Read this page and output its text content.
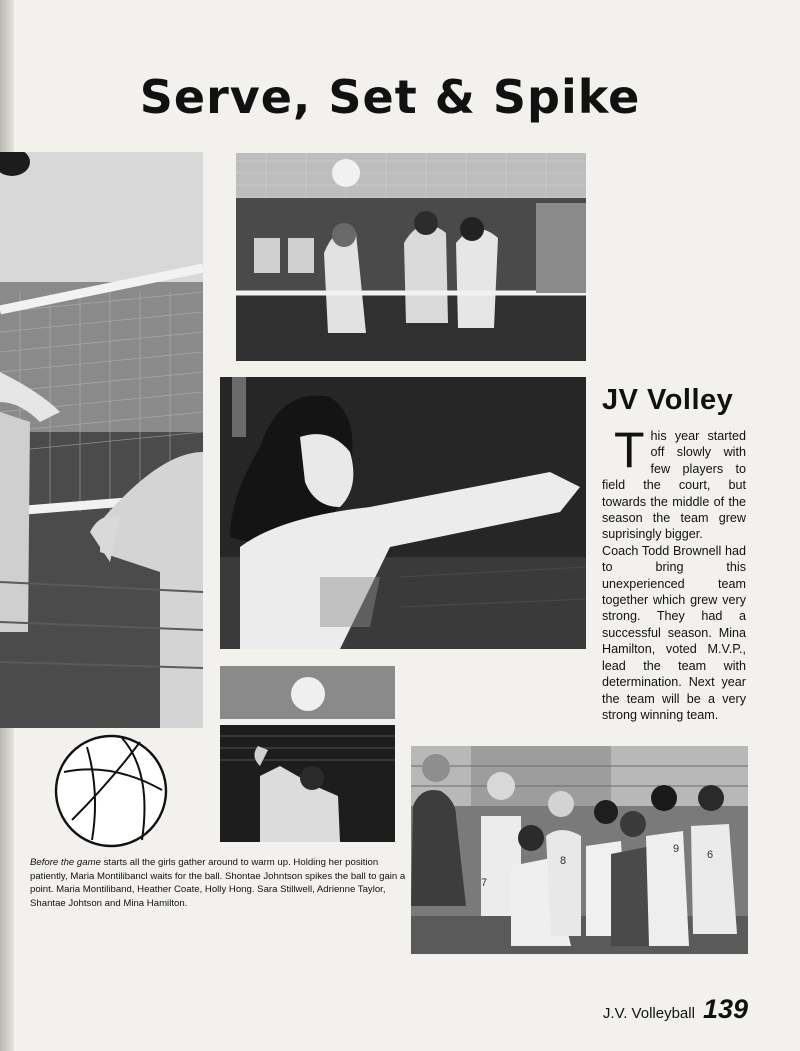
Serve, Set & Spike
7
8
9	6
JV Volley
T his year started off slowly with few players to field the court, but towards the middle of the season the team grew suprisingly bigger.

Coach Todd Brownell had to bring this unexperienced team together which grew very strong. They had a successful season. Mina Hamilton, voted M.V.P., lead the team with determination. Next year the team will be a very strong winning team.

Before the game starts all the girls gather around to warm up. Holding her position patiently, Maria Montilibancl waits for the ball. Shontae Johntson spikes the ball to gain a point. Maria Montiliband, Heather Coate, Holly Hong. Sara Stillwell, Adrienne Taylor, Shantae Johtson and Mina Hamilton.
J.V. Volleyball 139
